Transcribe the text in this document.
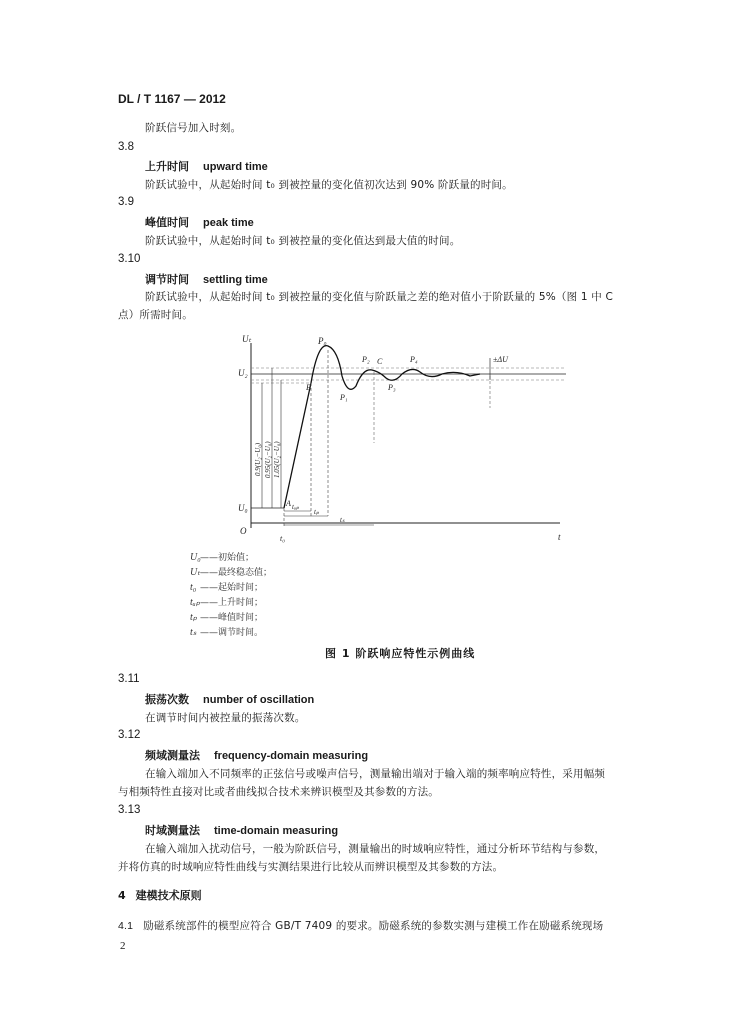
DL / T 1167 — 2012
阶跃信号加入时刻。
3.8
上升时间 upward time
阶跃试验中，从起始时间 t₀ 到被控量的变化值初次达到 90% 阶跃量的时间。
3.9
峰值时间 peak time
阶跃试验中，从起始时间 t₀ 到被控量的变化值达到最大值的时间。
3.10
调节时间 settling time
阶跃试验中，从起始时间 t₀ 到被控量的变化值与阶跃量之差的绝对值小于阶跃量的 5%（图 1 中 C
点）所需时间。
Uₜ
U₂
U₀
O
t
t₀
P₀
P₁
P₂ C
P₃
P₄
A
B
tᵤₚ
tₚ
tₛ
±ΔU
0.9(U₂−U₀) 0.95(U₂−U₀) 1.05(U₂−U₀)
U₀——初始值；
Uₜ——最终稳态值；
t₀ ——起始时间；
tᵤₚ——上升时间；
tₚ ——峰值时间；
tₛ ——调节时间。
图 1 阶跃响应特性示例曲线
3.11
振荡次数 number of oscillation
在调节时间内被控量的振荡次数。
3.12
频域测量法 frequency-domain measuring
在输入端加入不同频率的正弦信号或噪声信号，测量输出端对于输入端的频率响应特性，采用幅频
与相频特性直接对比或者曲线拟合技术来辨识模型及其参数的方法。
3.13
时域测量法 time-domain measuring
在输入端加入扰动信号，一般为阶跃信号，测量输出的时域响应特性，通过分析环节结构与参数，
并将仿真的时域响应特性曲线与实测结果进行比较从而辨识模型及其参数的方法。
4 建模技术原则
4.1 励磁系统部件的模型应符合 GB/T 7409 的要求。励磁系统的参数实测与建模工作在励磁系统现场
2
